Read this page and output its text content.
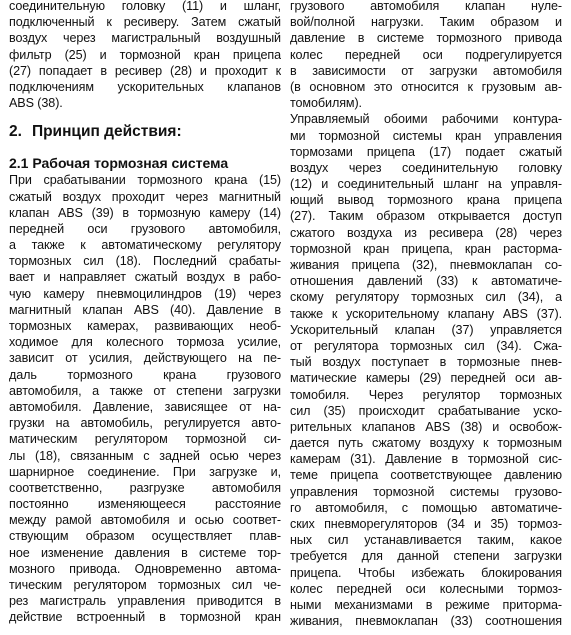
соединительную головку (11) и шланг,
подключенный к ресиверу. Затем сжатый
воздух через магистральный воздушный
фильтр (25) и тормозной кран прицепа
(27) попадает в ресивер (28) и проходит к
подключениям ускорительных клапанов
ABS (38).
2. Принцип действия:
2.1 Рабочая тормозная система
При срабатывании тормозного крана (15)
сжатый воздух проходит через магнитный
клапан ABS (39) в тормозную камеру (14)
передней оси грузового автомобиля,
а также к автоматическому регулятору
тормозных сил (18). Последний срабаты-
вает и направляет сжатый воздух в рабо-
чую камеру пневмоцилиндров (19) через
магнитный клапан ABS (40). Давление в
тормозных камерах, развивающих необ-
ходимое для колесного тормоза усилие,
зависит от усилия, действующего на пе-
даль тормозного крана грузового
автомобиля, а также от степени загрузки
автомобиля. Давление, зависящее от на-
грузки на автомобиль, регулируется авто-
матическим регулятором тормозной си-
лы (18), связанным с задней осью через
шарнирное соединение. При загрузке и,
соответственно, разгрузке автомобиля
постоянно изменяющееся расстояние
между рамой автомобиля и осью соответ-
ствующим образом осуществляет плав-
ное изменение давления в системе тор-
мозного привода. Одновременно автома-
тическим регулятором тормозных сил че-
рез магистраль управления приводится в
действие встроенный в тормозной кран
грузового автомобиля клапан нуле-
вой/полной нагрузки. Таким образом и
давление в системе тормозного привода
колес передней оси подрегулируется
в зависимости от загрузки автомобиля
(в основном это относится к грузовым ав-
томобилям).
Управляемый обоими рабочими контура-
ми тормозной системы кран управления
тормозами прицепа (17) подает сжатый
воздух через соединительную головку
(12) и соединительный шланг на управля-
ющий вывод тормозного крана прицепа
(27). Таким образом открывается доступ
сжатого воздуха из ресивера (28) через
тормозной кран прицепа, кран расторма-
живания прицепа (32), пневмоклапан со-
отношения давлений (33) к автоматиче-
скому регулятору тормозных сил (34), а
также к ускорительному клапану ABS (37).
Ускорительный клапан (37) управляется
от регулятора тормозных сил (34). Сжа-
тый воздух поступает в тормозные пнев-
матические камеры (29) передней оси ав-
томобиля. Через регулятор тормозных
сил (35) происходит срабатывание уско-
рительных клапанов ABS (38) и освобож-
дается путь сжатому воздуху к тормозным
камерам (31). Давление в тормозной сис-
теме прицепа соответствующее давлению
управления тормозной системы грузово-
го автомобиля, с помощью автоматиче-
ских пневморегуляторов (34 и 35) тормоз-
ных сил устанавливается таким, какое
требуется для данной степени загрузки
прицепа. Чтобы избежать блокирования
колес передней оси колесными тормоз-
ными механизмами в режиме притормa-
живания, пневмоклапан (33) соотношения
